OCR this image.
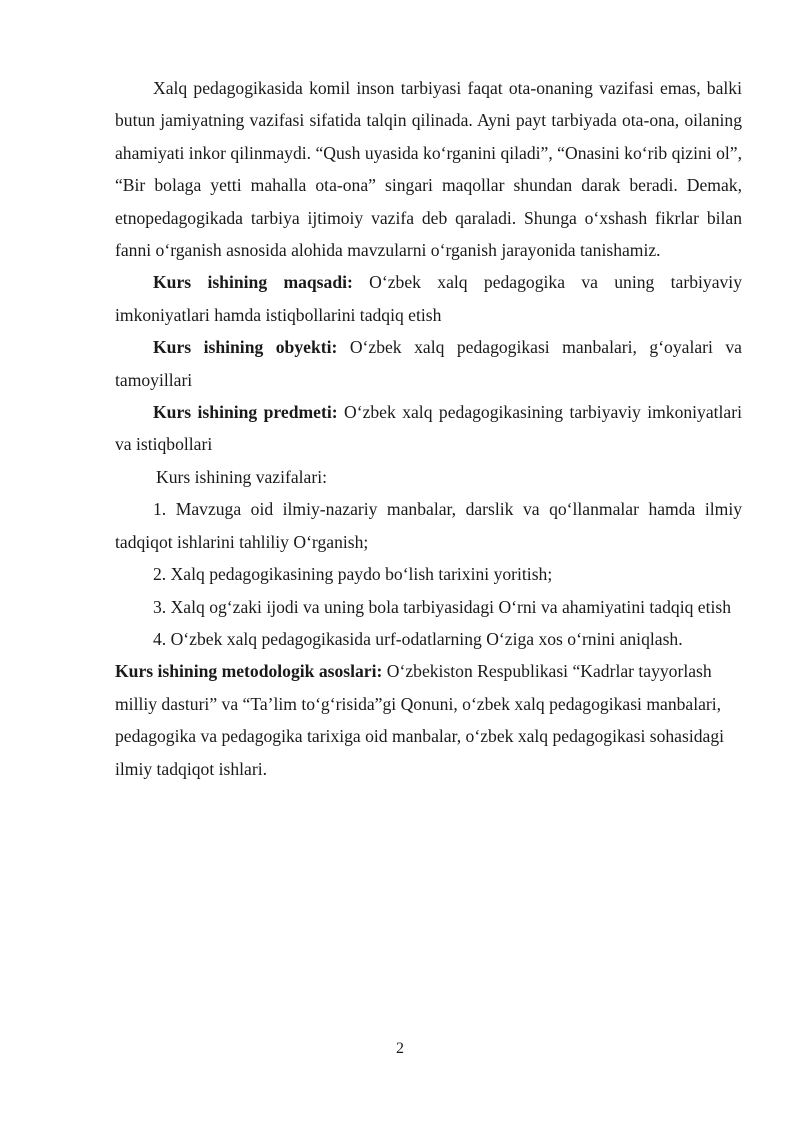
Xalq pedagogikasida komil inson tarbiyasi faqat ota-onaning vazifasi emas, balki butun jamiyatning vazifasi sifatida talqin qilinada. Ayni payt tarbiyada ota-ona, oilaning ahamiyati inkor qilinmaydi. “Qush uyasida ko‘rganini qiladi”, “Onasini ko‘rib qizini ol”, “Bir bolaga yetti mahalla ota-ona” singari maqollar shundan darak beradi. Demak, etnopedagogikada tarbiya ijtimoiy vazifa deb qaraladi. Shunga o‘xshash fikrlar bilan fanni o‘rganish asnosida alohida mavzularni o‘rganish jarayonida tanishamiz.

Kurs ishining maqsadi: O‘zbek xalq pedagogika va uning tarbiyaviy imkoniyatlari hamda istiqbollarini tadqiq etish

Kurs ishining obyekti: O‘zbek xalq pedagogikasi manbalari, g‘oyalari va tamoyillari

Kurs ishining predmeti: O‘zbek xalq pedagogikasining tarbiyaviy imkoniyatlari va istiqbollari

Kurs ishining vazifalari:

1. Mavzuga oid ilmiy-nazariy manbalar, darslik va qo‘llanmalar hamda ilmiy tadqiqot ishlarini tahliliy O‘rganish;

2. Xalq pedagogikasining paydo bo‘lish tarixini yoritish;

3. Xalq og‘zaki ijodi va uning bola tarbiyasidagi O‘rni va ahamiyatini tadqiq etish

4. O‘zbek xalq pedagogikasida urf-odatlarning O‘ziga xos o‘rnini aniqlash.

Kurs ishining metodologik asoslari: O‘zbekiston Respublikasi “Kadrlar tayyorlash milliy dasturi” va “Ta’lim to‘g‘risida”gi Qonuni, o‘zbek xalq pedagogikasi manbalari, pedagogika va pedagogika tarixiga oid manbalar, o‘zbek xalq pedagogikasi sohasidagi ilmiy tadqiqot ishlari.

2
